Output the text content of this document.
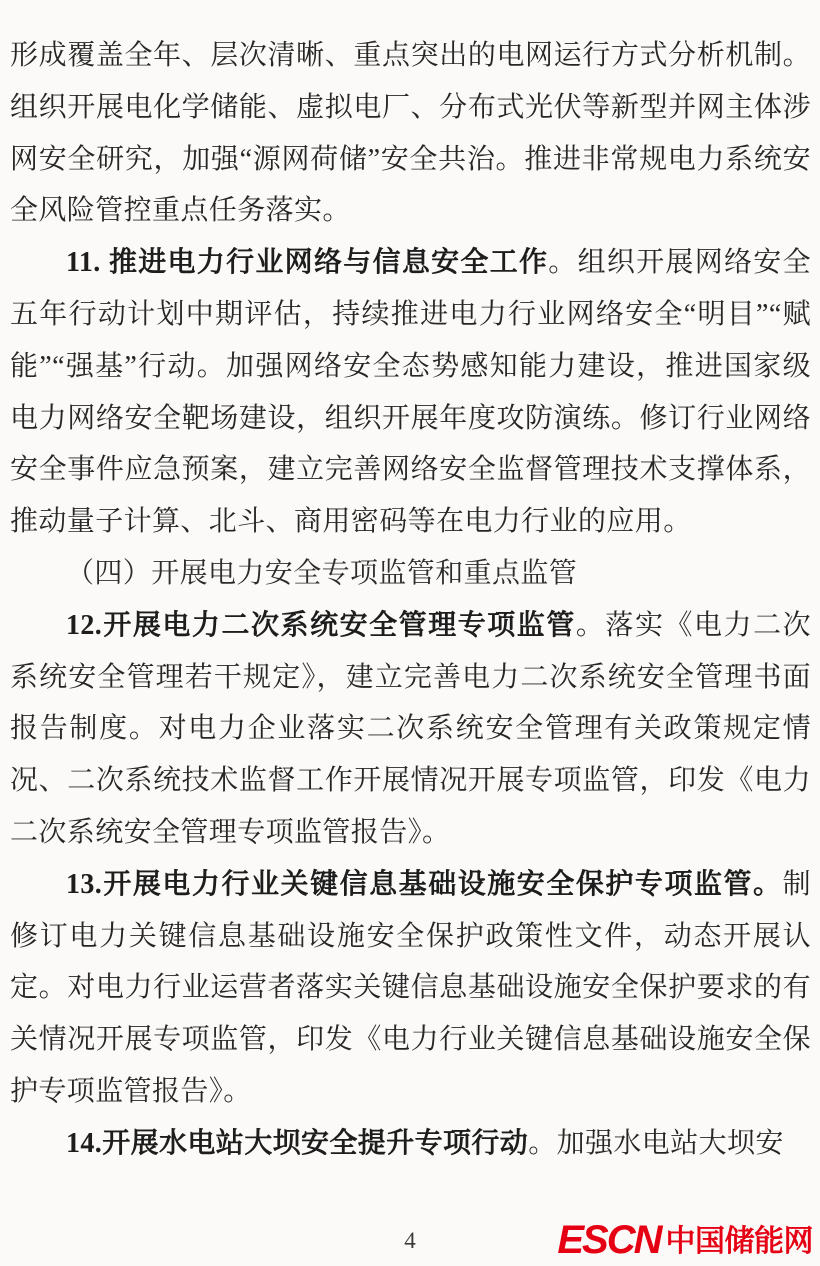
形成覆盖全年、层次清晰、重点突出的电网运行方式分析机制。组织开展电化学储能、虚拟电厂、分布式光伏等新型并网主体涉网安全研究，加强“源网荷储”安全共治。推进非常规电力系统安全风险管控重点任务落实。

11. 推进电力行业网络与信息安全工作。组织开展网络安全五年行动计划中期评估，持续推进电力行业网络安全“明目”“赋能”“强基”行动。加强网络安全态势感知能力建设，推进国家级电力网络安全靶场建设，组织开展年度攻防演练。修订行业网络安全事件应急预案，建立完善网络安全监督管理技术支撑体系，推动量子计算、北斗、商用密码等在电力行业的应用。

（四）开展电力安全专项监管和重点监管

12.开展电力二次系统安全管理专项监管。落实《电力二次系统安全管理若干规定》，建立完善电力二次系统安全管理书面报告制度。对电力企业落实二次系统安全管理有关政策规定情况、二次系统技术监督工作开展情况开展专项监管，印发《电力二次系统安全管理专项监管报告》。

13.开展电力行业关键信息基础设施安全保护专项监管。制修订电力关键信息基础设施安全保护政策性文件，动态开展认定。对电力行业运营者落实关键信息基础设施安全保护要求的有关情况开展专项监管，印发《电力行业关键信息基础设施安全保护专项监管报告》。

14.开展水电站大坝安全提升专项行动。加强水电站大坝安

4	ESCN 中国储能网
